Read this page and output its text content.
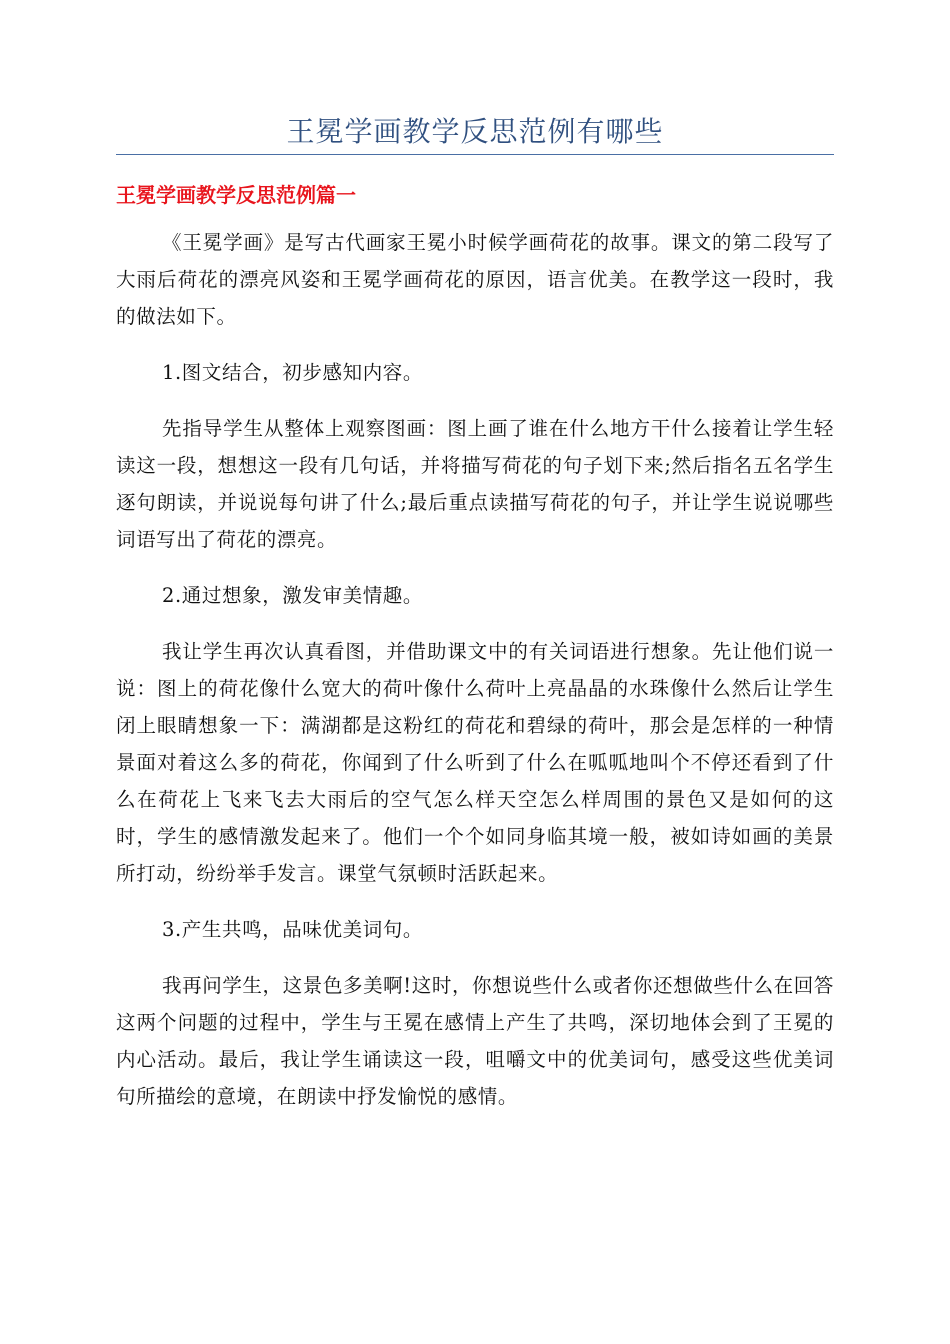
王冕学画教学反思范例有哪些
王冕学画教学反思范例篇一

《王冕学画》是写古代画家王冕小时候学画荷花的故事。课文的第二段写了大雨后荷花的漂亮风姿和王冕学画荷花的原因，语言优美。在教学这一段时，我的做法如下。

1.图文结合，初步感知内容。

先指导学生从整体上观察图画：图上画了谁在什么地方干什么接着让学生轻读这一段，想想这一段有几句话，并将描写荷花的句子划下来;然后指名五名学生逐句朗读，并说说每句讲了什么;最后重点读描写荷花的句子，并让学生说说哪些词语写出了荷花的漂亮。

2.通过想象，激发审美情趣。

我让学生再次认真看图，并借助课文中的有关词语进行想象。先让他们说一说：图上的荷花像什么宽大的荷叶像什么荷叶上亮晶晶的水珠像什么然后让学生闭上眼睛想象一下：满湖都是这粉红的荷花和碧绿的荷叶，那会是怎样的一种情景面对着这么多的荷花，你闻到了什么听到了什么在呱呱地叫个不停还看到了什么在荷花上飞来飞去大雨后的空气怎么样天空怎么样周围的景色又是如何的这时，学生的感情激发起来了。他们一个个如同身临其境一般，被如诗如画的美景所打动，纷纷举手发言。课堂气氛顿时活跃起来。

3.产生共鸣，品味优美词句。

我再问学生，这景色多美啊!这时，你想说些什么或者你还想做些什么在回答这两个问题的过程中，学生与王冕在感情上产生了共鸣，深切地体会到了王冕的内心活动。最后，我让学生诵读这一段，咀嚼文中的优美词句，感受这些优美词句所描绘的意境，在朗读中抒发愉悦的感情。
